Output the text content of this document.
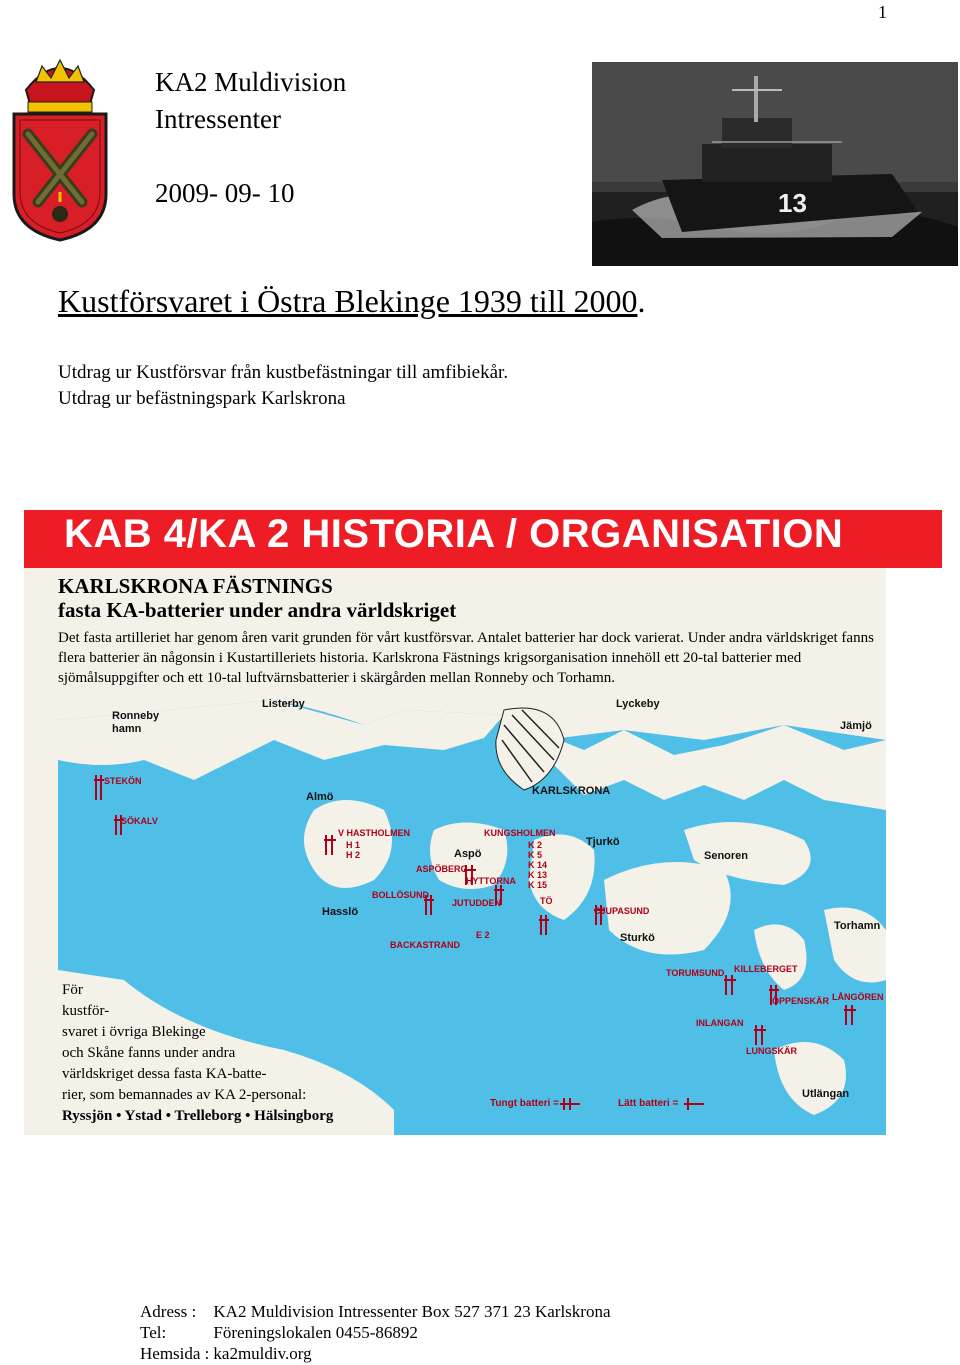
1
KA2 Muldivision
Intressenter
2009- 09- 10	13
Kustförsvaret i Östra Blekinge 1939 till 2000.
Utdrag ur Kustförsvar från kustbefästningar till amfibiekår.
Utdrag ur befästningspark Karlskrona
KAB 4/KA 2 HISTORIA / ORGANISATION
KARLSKRONA FÄSTNINGS
fasta KA-batterier under andra världskriget
Det fasta artilleriet har genom åren varit grunden för vårt kustförsvar. Antalet batterier har dock varierat. Under andra världskriget fanns flera batterier än någonsin i Kustartilleriets historia. Karlskrona Fästnings krigsorganisation innehöll ett 20-tal batterier med sjömålsuppgifter och ett 10-tal luftvärnsbatterier i skärgården mellan Ronneby och Torhamn.
Listerby	Lyckeby
Ronneby hamn	Jämjö
STEKÖN
Almö	KARLSKRONA
GÖKALV
V HASTHOLMEN
H 1
H 2
KUNGSHOLMEN
Tjurkö
Aspö	Senoren
ASPÖBERG
HYTTORNA
K 2 K 5 K 14 K 13 K 15
BOLLÖSUND
JUTUDDEN	TÖ
CJUPASUND
Hasslö
E 2	Sturkö
Torhamn
BACKASTRAND
TORUMSUND KILLEBERGET
ÖPPENSKÄR LÅNGÖREN
INLANGAN
LUNGSKÄR
Utlängan
För
kustför-
svaret i övriga Blekinge
och Skåne fanns under andra
världskriget dessa fasta KA-batte-
rier, som bemannades av KA 2-personal:
Ryssjön • Ystad • Trelleborg • Hälsingborg
Tungt batteri =	Lätt batteri =
Adress :	KA2 Muldivision Intressenter Box 527 371 23 Karlskrona
Tel:	Föreningslokalen 0455-86892
Hemsida :	ka2muldiv.org
